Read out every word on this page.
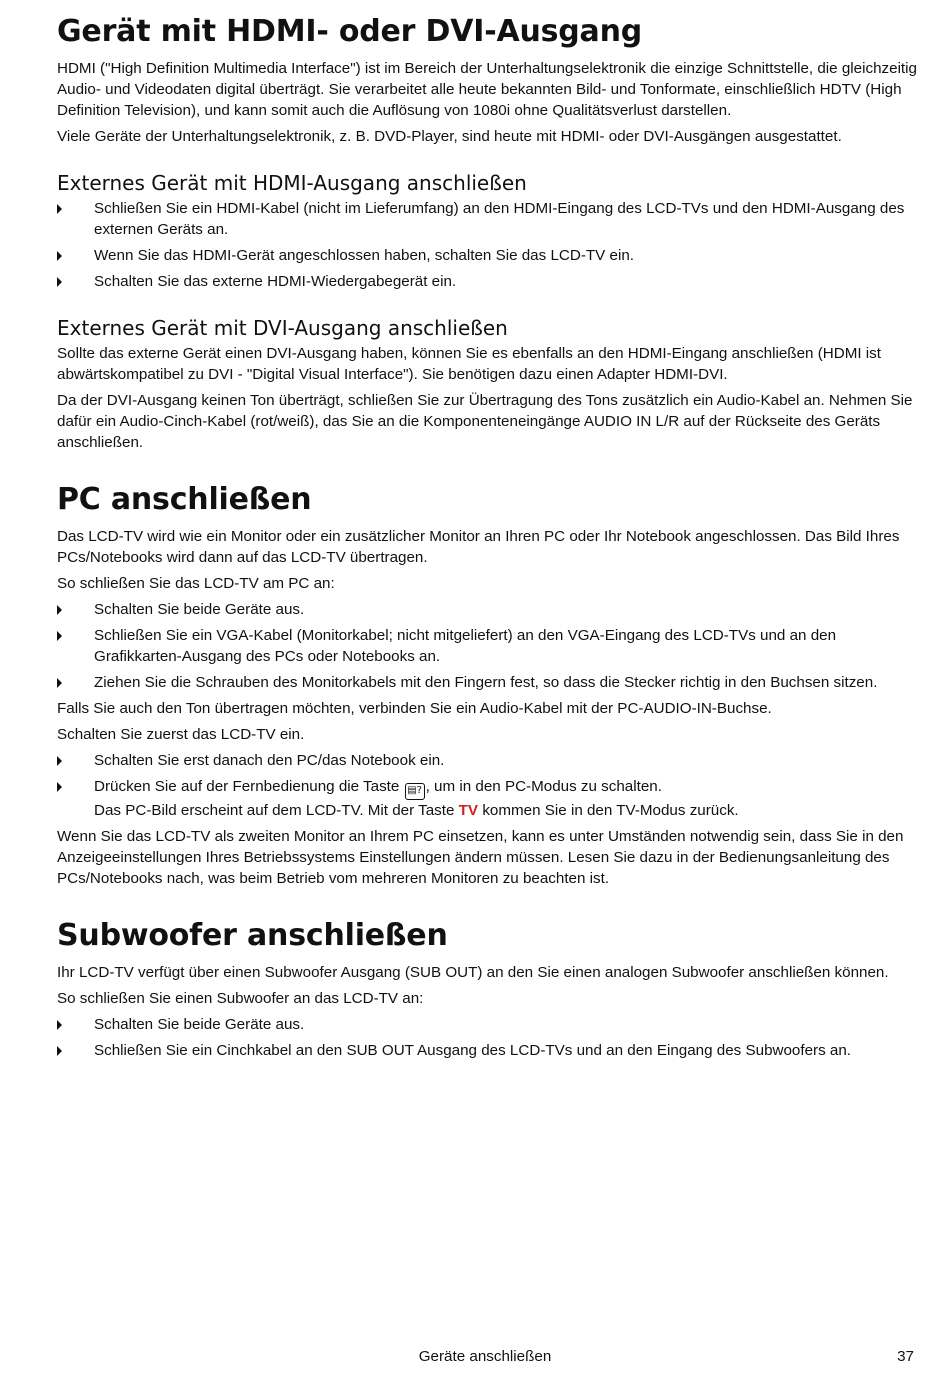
Gerät mit HDMI- oder DVI-Ausgang

HDMI ("High Definition Multimedia Interface") ist im Bereich der Unterhaltungselektronik die einzige Schnittstelle, die gleichzeitig Audio- und Videodaten digital überträgt. Sie verarbeitet alle heute bekannten Bild- und Tonformate, einschließlich HDTV (High Definition Television), und kann somit auch die Auflösung von 1080i ohne Qualitätsverlust darstellen.

Viele Geräte der Unterhaltungselektronik, z. B. DVD-Player, sind heute mit HDMI- oder DVI-Ausgängen ausgestattet.

Externes Gerät mit HDMI-Ausgang anschließen
Schließen Sie ein HDMI-Kabel (nicht im Lieferumfang) an den HDMI-Eingang des LCD-TVs und den HDMI-Ausgang des externen Geräts an.
Wenn Sie das HDMI-Gerät angeschlossen haben, schalten Sie das LCD-TV ein.
Schalten Sie das externe HDMI-Wiedergabegerät ein.
Externes Gerät mit DVI-Ausgang anschließen

Sollte das externe Gerät einen DVI-Ausgang haben, können Sie es ebenfalls an den HDMI-Eingang anschließen (HDMI ist abwärtskompatibel zu DVI - "Digital Visual Interface"). Sie benötigen dazu einen Adapter HDMI-DVI.

Da der DVI-Ausgang keinen Ton überträgt, schließen Sie zur Übertragung des Tons zusätzlich ein Audio-Kabel an. Nehmen Sie dafür ein Audio-Cinch-Kabel (rot/weiß), das Sie an die Komponenteneingänge AUDIO IN L/R auf der Rückseite des Geräts anschließen.

PC anschließen

Das LCD-TV wird wie ein Monitor oder ein zusätzlicher Monitor an Ihren PC oder Ihr Notebook angeschlossen. Das Bild Ihres PCs/Notebooks wird dann auf das LCD-TV übertragen.

So schließen Sie das LCD-TV am PC an:

Schalten Sie beide Geräte aus.
Schließen Sie ein VGA-Kabel (Monitorkabel; nicht mitgeliefert) an den VGA-Eingang des LCD-TVs und an den Grafikkarten-Ausgang des PCs oder Notebooks an.
Ziehen Sie die Schrauben des Monitorkabels mit den Fingern fest, so dass die Stecker richtig in den Buchsen sitzen.

Falls Sie auch den Ton übertragen möchten, verbinden Sie ein Audio-Kabel mit der PC-AUDIO-IN-Buchse.

Schalten Sie zuerst das LCD-TV ein.

Schalten Sie erst danach den PC/das Notebook ein.
Drücken Sie auf der Fernbedienung die Taste ▤? , um in den PC-Modus zu schalten.
Das PC-Bild erscheint auf dem LCD-TV. Mit der Taste TV kommen Sie in den TV-Modus zurück.

Wenn Sie das LCD-TV als zweiten Monitor an Ihrem PC einsetzen, kann es unter Umständen notwendig sein, dass Sie in den Anzeigeeinstellungen Ihres Betriebssystems Einstellungen ändern müssen. Lesen Sie dazu in der Bedienungsanleitung des PCs/Notebooks nach, was beim Betrieb vom mehreren Monitoren zu beachten ist.

Subwoofer anschließen

Ihr LCD-TV verfügt über einen Subwoofer Ausgang (SUB OUT) an den Sie einen analogen Subwoofer anschließen können.

So schließen Sie einen Subwoofer an das LCD-TV an:

Schalten Sie beide Geräte aus.
Schließen Sie ein Cinchkabel an den SUB OUT Ausgang des LCD-TVs und an den Eingang des Subwoofers an.
Geräte anschließen	37
